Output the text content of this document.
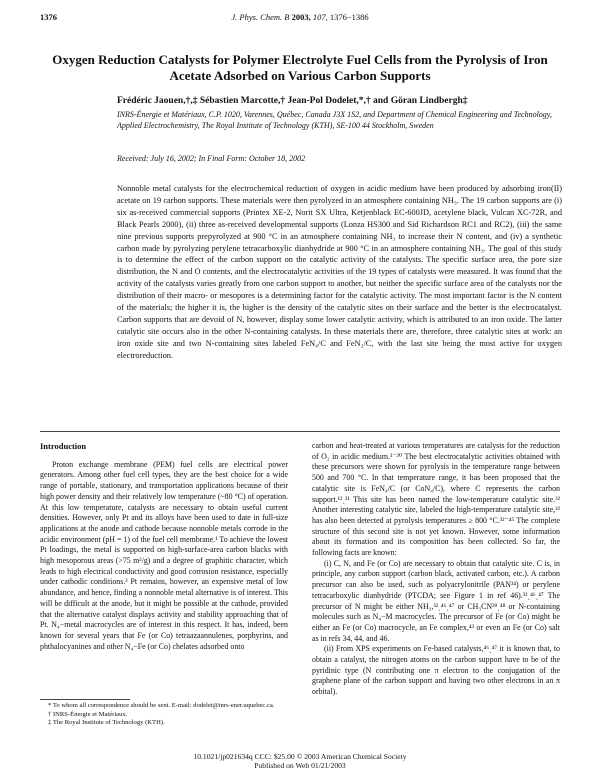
1376	J. Phys. Chem. B 2003, 107, 1376−1386
Oxygen Reduction Catalysts for Polymer Electrolyte Fuel Cells from the Pyrolysis of Iron
Acetate Adsorbed on Various Carbon Supports
Frédéric Jaouen,†,‡ Sébastien Marcotte,† Jean-Pol Dodelet,*,† and Göran Lindbergh‡
INRS-Énergie et Matériaux, C.P. 1020, Varennes, Québec, Canada J3X 1S2, and Department of Chemical Engineering and Technology, Applied Electrochemistry, The Royal Institute of Technology (KTH), SE-100 44 Stockholm, Sweden
Received: July 16, 2002; In Final Form: October 18, 2002
Nonnoble metal catalysts for the electrochemical reduction of oxygen in acidic medium have been produced by adsorbing iron(II) acetate on 19 carbon supports. These materials were then pyrolyzed in an atmosphere containing NH₃. The 19 carbon supports are (i) six as-received commercial supports (Printex XE-2, Norit SX Ultra, Ketjenblack EC-600JD, acetylene black, Vulcan XC-72R, and Black Pearls 2000), (ii) three as-received developmental supports (Lonza HS300 and Sid Richardson RC1 and RC2), (iii) the same nine previous supports prepyrolyzed at 900 °C in an atmosphere containing NH₃ to increase their N content, and (iv) a synthetic carbon made by pyrolyzing perylene tetracarboxylic dianhydride at 900 °C in an atmosphere containing NH₃. The goal of this study is to determine the effect of the carbon support on the catalytic activity of the catalysts. The specific surface area, the pore size distribution, the N and O contents, and the electrocatalytic activities of the 19 types of catalysts were measured. It was found that the activity of the catalysts varies greatly from one carbon support to another, but neither the specific surface area of the catalysts nor the distribution of their macro- or mesopores is a determining factor for the catalytic activity. The most important factor is the N content of the materials; the higher it is, the higher is the density of the catalytic sites on their surface and the better is the electrocatalyst. Carbon supports that are devoid of N, however, display some lower catalytic activity, which is attributed to an iron oxide. The latter catalytic site occurs also in the other N-containing catalysts. In these materials there are, therefore, three catalytic sites at work: an iron oxide site and two N-containing sites labeled FeN₄/C and FeN₂/C, with the last site being the most active for oxygen electroreduction.

Introduction

Proton exchange membrane (PEM) fuel cells are electrical power generators. Among other fuel cell types, they are the best choice for a wide range of portable, stationary, and transportation applications because of their high power density and their relatively low temperature (~80 °C) of operation. At this low temperature, catalysts are necessary to obtain useful current densities. However, only Pt and its alloys have been used to date in full-size applications at the anode and cathode because nonnoble metals corrode in the acidic environment (pH = 1) of the fuel cell membrane.¹ To achieve the lowest Pt loadings, the metal is supported on high-surface-area carbon blacks with high mesoporous areas (>75 m²/g) and a degree of graphitic character, which leads to high electrical conductivity and good corrosion resistance, especially under cathodic conditions.² Pt remains, however, an expensive metal of low abundance, and hence, finding a nonnoble metal alternative is of interest. This will be difficult at the anode, but it might be possible at the cathode, provided that the alternative catalyst displays activity and stability approaching that of Pt. N₄−metal macrocycles are of interest in this respect. It has, indeed, been known for several years that Fe (or Co) tetraazaannulenes, porphyrins, and phthalocyanines and other N₄−Fe (or Co) chelates adsorbed onto

carbon and heat-treated at various temperatures are catalysts for the reduction of O₂ in acidic medium.³⁻³⁰ The best electrocatalytic activities obtained with these precursors were shown for pyrolysis in the temperature range between 500 and 700 °C. In that temperature range, it has been proposed that the catalytic site is FeN₄/C (or CoN₄/C), where C represents the carbon support.¹²ˎ³¹ This site has been named the low-temperature catalytic site.³² Another interesting catalytic site, labeled the high-temperature catalytic site,³² has also been detected at pyrolysis temperatures ≥ 800 °C.³²⁻⁴⁵ The complete structure of this second site is not yet known. However, some information about its formation and its composition has been collected. So far, the following facts are known:

(i) C, N, and Fe (or Co) are necessary to obtain that catalytic site. C is, in principle, any carbon support (carbon black, activated carbon, etc.). A carbon precursor can also be used, such as polyacrylonitrile (PAN³⁴) or perylene tetracarboxylic dianhydride (PTCDA; see Figure 1 in ref 46).³²ˎ⁴⁶ˎ⁴⁷ The precursor of N might be either NH₃,³²ˎ⁴⁶ˎ⁴⁷ or CH₃CN³⁹ˎ⁴⁸ or N-containing molecules such as N₄−M macrocycles. The precursor of Fe (or Co) might be either an Fe (or Co) macrocycle, an Fe complex,⁴³ or even an Fe (or Co) salt as in refs 34, 44, and 46.

(ii) From XPS experiments on Fe-based catalysts,⁴⁶ˎ⁴⁷ it is known that, to obtain a catalyst, the nitrogen atoms on the carbon support have to be of the pyridinic type (N contributing one π electron to the conjugation of the graphene plane of the carbon support and having two other electrons in an π orbital).

* To whom all correspondence should be sent. E-mail: dodelet@inrs-ener.uquebec.ca.

† INRS-Énergie et Matériaux.

‡ The Royal Institute of Technology (KTH).

10.1021/jp021634q CCC: $25.00 © 2003 American Chemical Society
Published on Web 01/21/2003
